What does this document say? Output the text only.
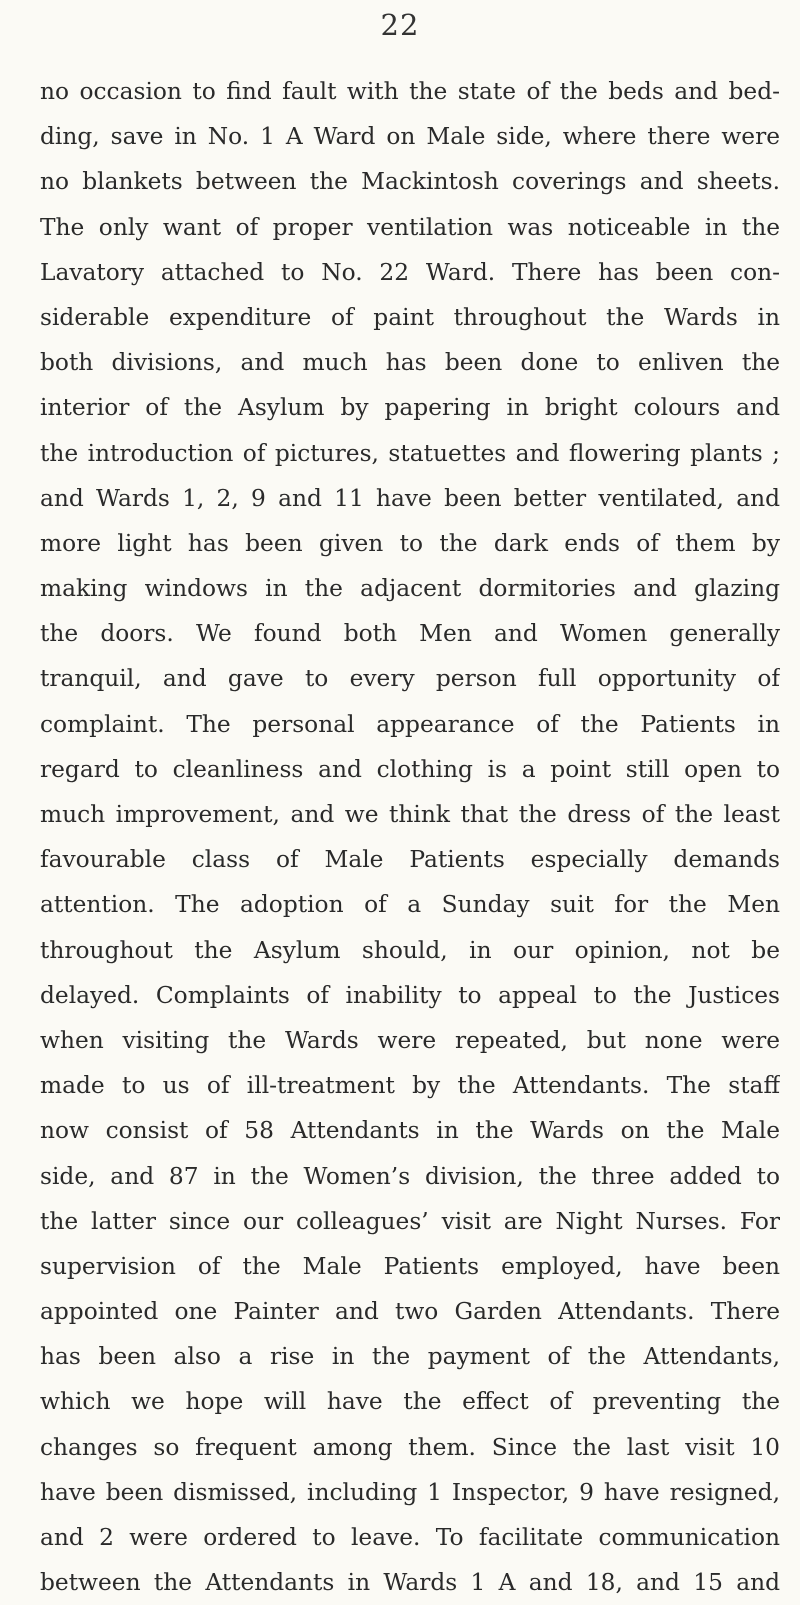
22
no occasion to find fault with the state of the beds and bed-
ding, save in No. 1 A Ward on Male side, where there were
no blankets between the Mackintosh coverings and sheets.
The only want of proper ventilation was noticeable in the
Lavatory attached to No. 22 Ward. There has been con-
siderable expenditure of paint throughout the Wards in
both divisions, and much has been done to enliven the
interior of the Asylum by papering in bright colours and
the introduction of pictures, statuettes and flowering plants ;
and Wards 1, 2, 9 and 11 have been better ventilated, and
more light has been given to the dark ends of them by
making windows in the adjacent dormitories and glazing
the doors. We found both Men and Women generally
tranquil, and gave to every person full opportunity of
complaint. The personal appearance of the Patients in
regard to cleanliness and clothing is a point still open to
much improvement, and we think that the dress of the least
favourable class of Male Patients especially demands
attention. The adoption of a Sunday suit for the Men
throughout the Asylum should, in our opinion, not be
delayed. Complaints of inability to appeal to the Justices
when visiting the Wards were repeated, but none were
made to us of ill-treatment by the Attendants. The staff
now consist of 58 Attendants in the Wards on the Male
side, and 87 in the Women’s division, the three added to
the latter since our colleagues’ visit are Night Nurses. For
supervision of the Male Patients employed, have been
appointed one Painter and two Garden Attendants. There
has been also a rise in the payment of the Attendants,
which we hope will have the effect of preventing the
changes so frequent among them. Since the last visit 10
have been dismissed, including 1 Inspector, 9 have resigned,
and 2 were ordered to leave. To facilitate communication
between the Attendants in Wards 1 A and 18, and 15 and
